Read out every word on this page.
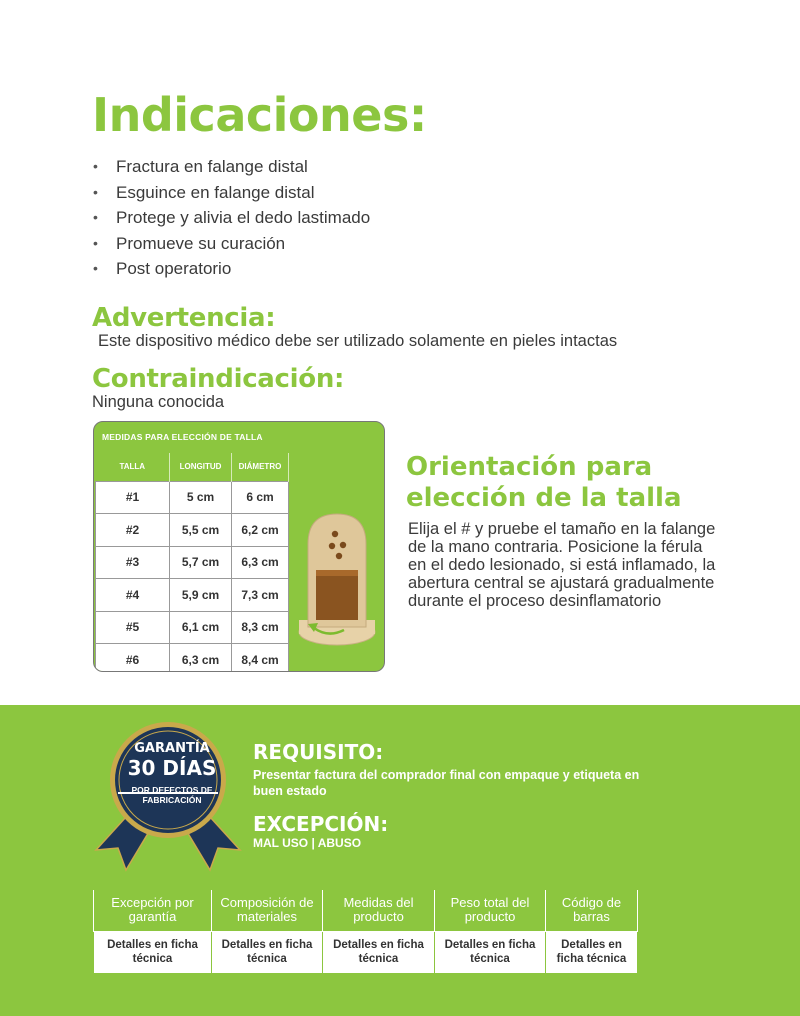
Indicaciones:
• Fractura en falange distal
• Esguince en falange distal
• Protege y alivia el dedo lastimado
• Promueve su curación
• Post operatorio
Advertencia:

Este dispositivo médico debe ser utilizado solamente en pieles intactas

Contraindicación:

Ninguna conocida

MEDIDAS PARA ELECCIÓN DE TALLA
TALLA	LONGITUD	DIÁMETRO
#1	5 cm	6 cm
#2	5,5 cm	6,2 cm
#3	5,7 cm	6,3 cm
#4	5,9 cm	7,3 cm
#5	6,1 cm	8,3 cm
#6	6,3 cm	8,4 cm
Orientación para
elección de la talla

Elija el # y pruebe el tamaño en la falange de la mano contraria. Posicione la férula en el dedo lesionado, si está inflamado, la abertura central se ajustará gradualmente durante el proceso desinflamatorio

GARANTÍA
30 DÍAS
POR DEFECTOS DE FABRICACIÓN
REQUISITO:

Presentar factura del comprador final con empaque y etiqueta en buen estado

EXCEPCIÓN:

MAL USO | ABUSO

Excepción por garantía	Composición de materiales	Medidas del producto	Peso total del producto	Código de barras
Detalles en ficha técnica	Detalles en ficha técnica	Detalles en ficha técnica	Detalles en ficha técnica	Detalles en ficha técnica
